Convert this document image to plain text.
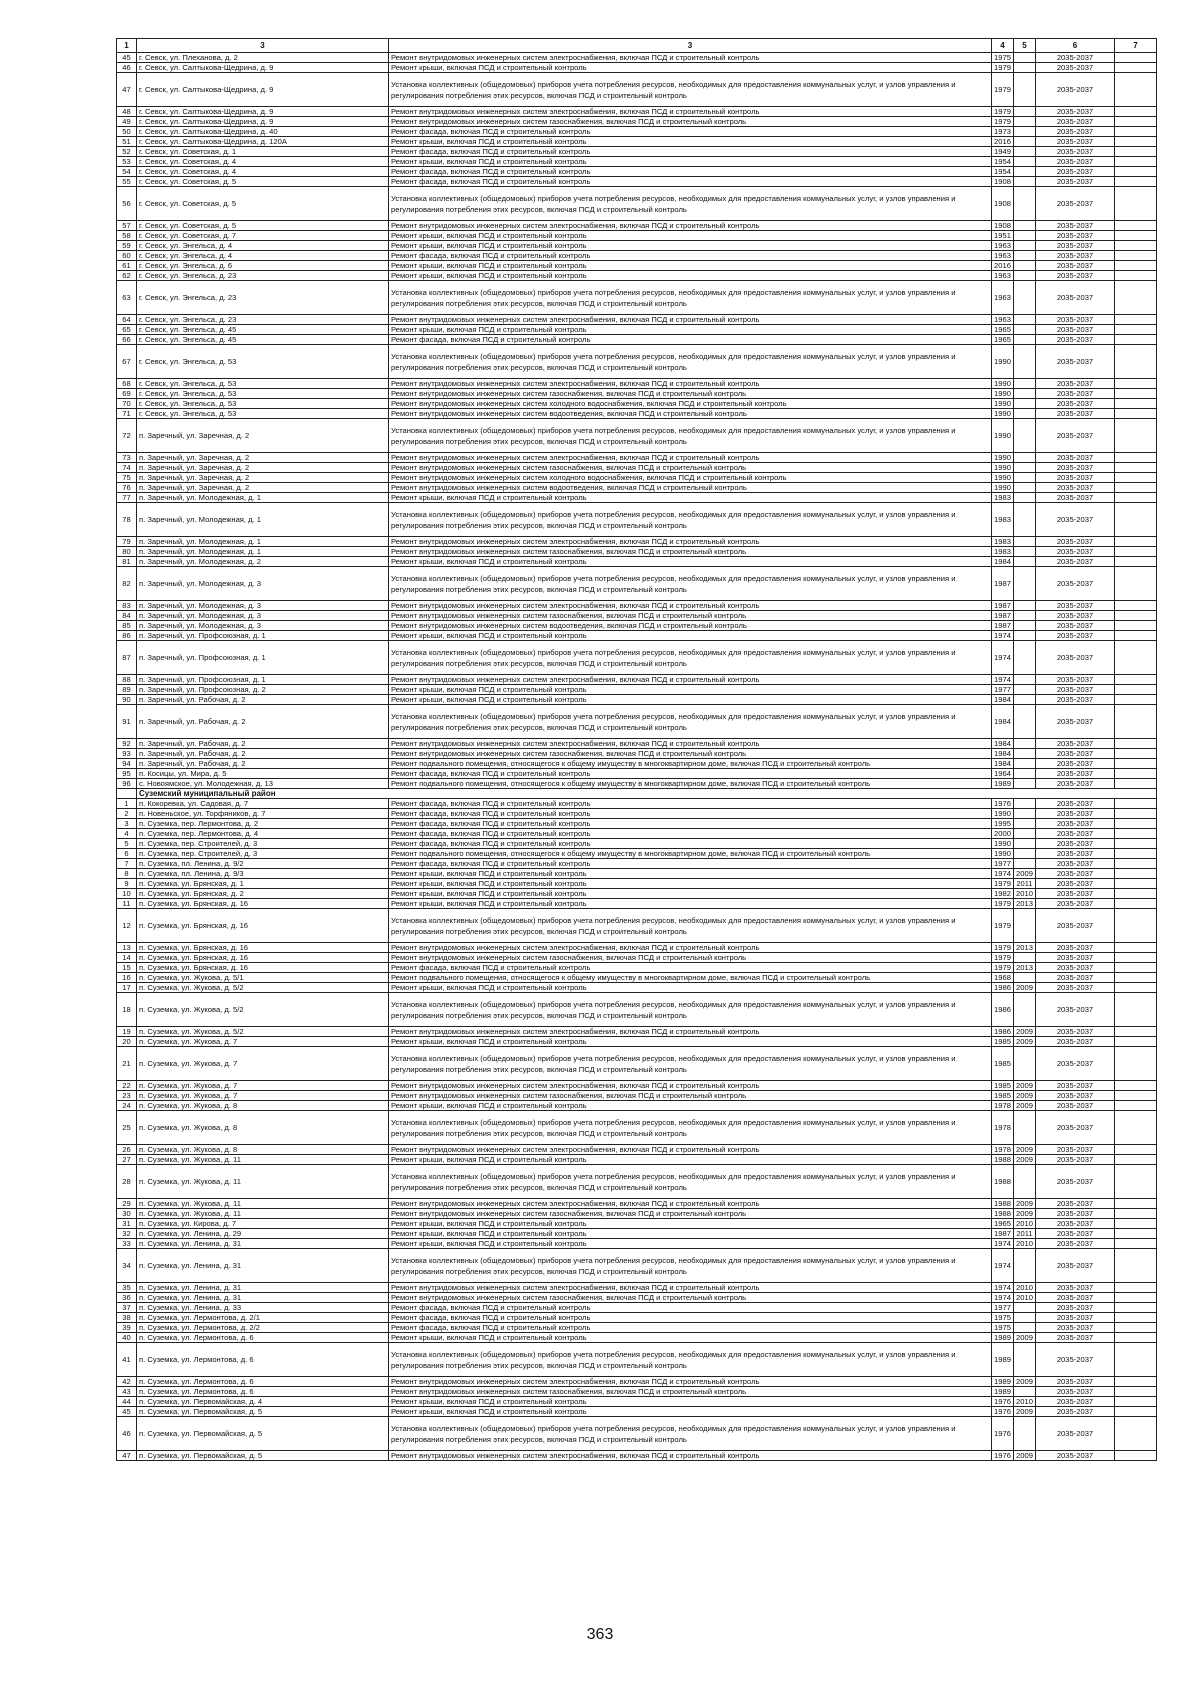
1	3	3	4	5	6	7
45	г. Севск, ул. Плеханова, д. 2	Ремонт внутридомовых инженерных систем электроснабжения, включая ПСД и строительный контроль	1975		2035-2037	
46	г. Севск, ул. Салтыкова-Щедрина, д. 9	Ремонт крыши, включая ПСД и строительный контроль	1979		2035-2037	
47	г. Севск, ул. Салтыкова-Щедрина, д. 9	Установка коллективных (общедомовых) приборов учета потребления ресурсов, необходимых для предоставления коммунальных услуг, и узлов управления и регулирования потребления этих ресурсов, включая ПСД и строительный контроль	1979		2035-2037	
48	г. Севск, ул. Салтыкова-Щедрина, д. 9	Ремонт внутридомовых инженерных систем электроснабжения, включая ПСД и строительный контроль	1979		2035-2037	
49	г. Севск, ул. Салтыкова-Щедрина, д. 9	Ремонт внутридомовых инженерных систем газоснабжения, включая ПСД и строительный контроль	1979		2035-2037	
50	г. Севск, ул. Салтыкова-Щедрина, д. 40	Ремонт фасада, включая ПСД и строительный контроль	1973		2035-2037	
51	г. Севск, ул. Салтыкова-Щедрина, д. 120А	Ремонт крыши, включая ПСД и строительный контроль	2016		2035-2037	
52	г. Севск, ул. Советская, д. 1	Ремонт фасада, включая ПСД и строительный контроль	1949		2035-2037	
53	г. Севск, ул. Советская, д. 4	Ремонт крыши, включая ПСД и строительный контроль	1954		2035-2037	
54	г. Севск, ул. Советская, д. 4	Ремонт фасада, включая ПСД и строительный контроль	1954		2035-2037	
55	г. Севск, ул. Советская, д. 5	Ремонт фасада, включая ПСД и строительный контроль	1908		2035-2037	
56	г. Севск, ул. Советская, д. 5	Установка коллективных (общедомовых) приборов учета потребления ресурсов, необходимых для предоставления коммунальных услуг, и узлов управления и регулирования потребления этих ресурсов, включая ПСД и строительный контроль	1908		2035-2037	
57	г. Севск, ул. Советская, д. 5	Ремонт внутридомовых инженерных систем электроснабжения, включая ПСД и строительный контроль	1908		2035-2037	
58	г. Севск, ул. Советская, д. 7	Ремонт крыши, включая ПСД и строительный контроль	1951		2035-2037	
59	г. Севск, ул. Энгельса, д. 4	Ремонт крыши, включая ПСД и строительный контроль	1963		2035-2037	
60	г. Севск, ул. Энгельса, д. 4	Ремонт фасада, включая ПСД и строительный контроль	1963		2035-2037	
61	г. Севск, ул. Энгельса, д. 6	Ремонт крыши, включая ПСД и строительный контроль	2016		2035-2037	
62	г. Севск, ул. Энгельса, д. 23	Ремонт крыши, включая ПСД и строительный контроль	1963		2035-2037	
63	г. Севск, ул. Энгельса, д. 23	Установка коллективных (общедомовых) приборов учета потребления ресурсов, необходимых для предоставления коммунальных услуг, и узлов управления и регулирования потребления этих ресурсов, включая ПСД и строительный контроль	1963		2035-2037	
64	г. Севск, ул. Энгельса, д. 23	Ремонт внутридомовых инженерных систем электроснабжения, включая ПСД и строительный контроль	1963		2035-2037	
65	г. Севск, ул. Энгельса, д. 45	Ремонт крыши, включая ПСД и строительный контроль	1965		2035-2037	
66	г. Севск, ул. Энгельса, д. 45	Ремонт фасада, включая ПСД и строительный контроль	1965		2035-2037	
67	г. Севск, ул. Энгельса, д. 53	Установка коллективных (общедомовых) приборов учета потребления ресурсов, необходимых для предоставления коммунальных услуг, и узлов управления и регулирования потребления этих ресурсов, включая ПСД и строительный контроль	1990		2035-2037	
68	г. Севск, ул. Энгельса, д. 53	Ремонт внутридомовых инженерных систем электроснабжения, включая ПСД и строительный контроль	1990		2035-2037	
69	г. Севск, ул. Энгельса, д. 53	Ремонт внутридомовых инженерных систем газоснабжения, включая ПСД и строительный контроль	1990		2035-2037	
70	г. Севск, ул. Энгельса, д. 53	Ремонт внутридомовых инженерных систем холодного водоснабжения, включая ПСД и строительный контроль	1990		2035-2037	
71	г. Севск, ул. Энгельса, д. 53	Ремонт внутридомовых инженерных систем водоотведения, включая ПСД и строительный контроль	1990		2035-2037	
72	п. Заречный, ул. Заречная, д. 2	Установка коллективных (общедомовых) приборов учета потребления ресурсов, необходимых для предоставления коммунальных услуг, и узлов управления и регулирования потребления этих ресурсов, включая ПСД и строительный контроль	1990		2035-2037	
73	п. Заречный, ул. Заречная, д. 2	Ремонт внутридомовых инженерных систем электроснабжения, включая ПСД и строительный контроль	1990		2035-2037	
74	п. Заречный, ул. Заречная, д. 2	Ремонт внутридомовых инженерных систем газоснабжения, включая ПСД и строительный контроль	1990		2035-2037	
75	п. Заречный, ул. Заречная, д. 2	Ремонт внутридомовых инженерных систем холодного водоснабжения, включая ПСД и строительный контроль	1990		2035-2037	
76	п. Заречный, ул. Заречная, д. 2	Ремонт внутридомовых инженерных систем водоотведения, включая ПСД и строительный контроль	1990		2035-2037	
77	п. Заречный, ул. Молодежная, д. 1	Ремонт крыши, включая ПСД и строительный контроль	1983		2035-2037	
78	п. Заречный, ул. Молодежная, д. 1	Установка коллективных (общедомовых) приборов учета потребления ресурсов, необходимых для предоставления коммунальных услуг, и узлов управления и регулирования потребления этих ресурсов, включая ПСД и строительный контроль	1983		2035-2037	
79	п. Заречный, ул. Молодежная, д. 1	Ремонт внутридомовых инженерных систем электроснабжения, включая ПСД и строительный контроль	1983		2035-2037	
80	п. Заречный, ул. Молодежная, д. 1	Ремонт внутридомовых инженерных систем газоснабжения, включая ПСД и строительный контроль	1983		2035-2037	
81	п. Заречный, ул. Молодежная, д. 2	Ремонт крыши, включая ПСД и строительный контроль	1984		2035-2037	
82	п. Заречный, ул. Молодежная, д. 3	Установка коллективных (общедомовых) приборов учета потребления ресурсов, необходимых для предоставления коммунальных услуг, и узлов управления и регулирования потребления этих ресурсов, включая ПСД и строительный контроль	1987		2035-2037	
83	п. Заречный, ул. Молодежная, д. 3	Ремонт внутридомовых инженерных систем электроснабжения, включая ПСД и строительный контроль	1987		2035-2037	
84	п. Заречный, ул. Молодежная, д. 3	Ремонт внутридомовых инженерных систем газоснабжения, включая ПСД и строительный контроль	1987		2035-2037	
85	п. Заречный, ул. Молодежная, д. 3	Ремонт внутридомовых инженерных систем водоотведения, включая ПСД и строительный контроль	1987		2035-2037	
86	п. Заречный, ул. Профсоюзная, д. 1	Ремонт крыши, включая ПСД и строительный контроль	1974		2035-2037	
87	п. Заречный, ул. Профсоюзная, д. 1	Установка коллективных (общедомовых) приборов учета потребления ресурсов, необходимых для предоставления коммунальных услуг, и узлов управления и регулирования потребления этих ресурсов, включая ПСД и строительный контроль	1974		2035-2037	
88	п. Заречный, ул. Профсоюзная, д. 1	Ремонт внутридомовых инженерных систем электроснабжения, включая ПСД и строительный контроль	1974		2035-2037	
89	п. Заречный, ул. Профсоюзная, д. 2	Ремонт крыши, включая ПСД и строительный контроль	1977		2035-2037	
90	п. Заречный, ул. Рабочая, д. 2	Ремонт крыши, включая ПСД и строительный контроль	1984		2035-2037	
91	п. Заречный, ул. Рабочая, д. 2	Установка коллективных (общедомовых) приборов учета потребления ресурсов, необходимых для предоставления коммунальных услуг, и узлов управления и регулирования потребления этих ресурсов, включая ПСД и строительный контроль	1984		2035-2037	
92	п. Заречный, ул. Рабочая, д. 2	Ремонт внутридомовых инженерных систем электроснабжения, включая ПСД и строительный контроль	1984		2035-2037	
93	п. Заречный, ул. Рабочая, д. 2	Ремонт внутридомовых инженерных систем газоснабжения, включая ПСД и строительный контроль	1984		2035-2037	
94	п. Заречный, ул. Рабочая, д. 2	Ремонт подвального помещения, относящегося к общему имуществу в многоквартирном доме, включая ПСД и строительный контроль	1984		2035-2037	
95	п. Косицы, ул. Мира, д. 5	Ремонт фасада, включая ПСД и строительный контроль	1964		2035-2037	
96	с. Новоямское, ул. Молодежная, д. 13	Ремонт подвального помещения, относящегося к общему имуществу в многоквартирном доме, включая ПСД и строительный контроль	1989		2035-2037	
	Суземский муниципальный район					
1	п. Кокоревка, ул. Садовая, д. 7	Ремонт фасада, включая ПСД и строительный контроль	1976		2035-2037	
2	п. Новеньское, ул. Торфяников, д. 7	Ремонт фасада, включая ПСД и строительный контроль	1990		2035-2037	
3	п. Суземка, пер. Лермонтова, д. 2	Ремонт фасада, включая ПСД и строительный контроль	1995		2035-2037	
4	п. Суземка, пер. Лермонтова, д. 4	Ремонт фасада, включая ПСД и строительный контроль	2000		2035-2037	
5	п. Суземка, пер. Строителей, д. 3	Ремонт фасада, включая ПСД и строительный контроль	1990		2035-2037	
6	п. Суземка, пер. Строителей, д. 3	Ремонт подвального помещения, относящегося к общему имуществу в многоквартирном доме, включая ПСД и строительный контроль	1990		2035-2037	
7	п. Суземка, пл. Ленина, д. 9/2	Ремонт фасада, включая ПСД и строительный контроль	1977		2035-2037	
8	п. Суземка, пл. Ленина, д. 9/3	Ремонт крыши, включая ПСД и строительный контроль	1974	2009	2035-2037	
9	п. Суземка, ул. Брянская, д. 1	Ремонт крыши, включая ПСД и строительный контроль	1979	2011	2035-2037	
10	п. Суземка, ул. Брянская, д. 2	Ремонт крыши, включая ПСД и строительный контроль	1982	2010	2035-2037	
11	п. Суземка, ул. Брянская, д. 16	Ремонт крыши, включая ПСД и строительный контроль	1979	2013	2035-2037	
12	п. Суземка, ул. Брянская, д. 16	Установка коллективных (общедомовых) приборов учета потребления ресурсов, необходимых для предоставления коммунальных услуг, и узлов управления и регулирования потребления этих ресурсов, включая ПСД и строительный контроль	1979		2035-2037	
13	п. Суземка, ул. Брянская, д. 16	Ремонт внутридомовых инженерных систем электроснабжения, включая ПСД и строительный контроль	1979	2013	2035-2037	
14	п. Суземка, ул. Брянская, д. 16	Ремонт внутридомовых инженерных систем газоснабжения, включая ПСД и строительный контроль	1979		2035-2037	
15	п. Суземка, ул. Брянская, д. 16	Ремонт фасада, включая ПСД и строительный контроль	1979	2013	2035-2037	
16	п. Суземка, ул. Жукова, д. 5/1	Ремонт подвального помещения, относящегося к общему имуществу в многоквартирном доме, включая ПСД и строительный контроль	1968		2035-2037	
17	п. Суземка, ул. Жукова, д. 5/2	Ремонт крыши, включая ПСД и строительный контроль	1986	2009	2035-2037	
18	п. Суземка, ул. Жукова, д. 5/2	Установка коллективных (общедомовых) приборов учета потребления ресурсов, необходимых для предоставления коммунальных услуг, и узлов управления и регулирования потребления этих ресурсов, включая ПСД и строительный контроль	1986		2035-2037	
19	п. Суземка, ул. Жукова, д. 5/2	Ремонт внутридомовых инженерных систем электроснабжения, включая ПСД и строительный контроль	1986	2009	2035-2037	
20	п. Суземка, ул. Жукова, д. 7	Ремонт крыши, включая ПСД и строительный контроль	1985	2009	2035-2037	
21	п. Суземка, ул. Жукова, д. 7	Установка коллективных (общедомовых) приборов учета потребления ресурсов, необходимых для предоставления коммунальных услуг, и узлов управления и регулирования потребления этих ресурсов, включая ПСД и строительный контроль	1985		2035-2037	
22	п. Суземка, ул. Жукова, д. 7	Ремонт внутридомовых инженерных систем электроснабжения, включая ПСД и строительный контроль	1985	2009	2035-2037	
23	п. Суземка, ул. Жукова, д. 7	Ремонт внутридомовых инженерных систем газоснабжения, включая ПСД и строительный контроль	1985	2009	2035-2037	
24	п. Суземка, ул. Жукова, д. 8	Ремонт крыши, включая ПСД и строительный контроль	1978	2009	2035-2037	
25	п. Суземка, ул. Жукова, д. 8	Установка коллективных (общедомовых) приборов учета потребления ресурсов, необходимых для предоставления коммунальных услуг, и узлов управления и регулирования потребления этих ресурсов, включая ПСД и строительный контроль	1978		2035-2037	
26	п. Суземка, ул. Жукова, д. 8	Ремонт внутридомовых инженерных систем электроснабжения, включая ПСД и строительный контроль	1978	2009	2035-2037	
27	п. Суземка, ул. Жукова, д. 11	Ремонт крыши, включая ПСД и строительный контроль	1988	2009	2035-2037	
28	п. Суземка, ул. Жукова, д. 11	Установка коллективных (общедомовых) приборов учета потребления ресурсов, необходимых для предоставления коммунальных услуг, и узлов управления и регулирования потребления этих ресурсов, включая ПСД и строительный контроль	1988		2035-2037	
29	п. Суземка, ул. Жукова, д. 11	Ремонт внутридомовых инженерных систем электроснабжения, включая ПСД и строительный контроль	1988	2009	2035-2037	
30	п. Суземка, ул. Жукова, д. 11	Ремонт внутридомовых инженерных систем газоснабжения, включая ПСД и строительный контроль	1988	2009	2035-2037	
31	п. Суземка, ул. Кирова, д. 7	Ремонт крыши, включая ПСД и строительный контроль	1965	2010	2035-2037	
32	п. Суземка, ул. Ленина, д. 29	Ремонт крыши, включая ПСД и строительный контроль	1987	2011	2035-2037	
33	п. Суземка, ул. Ленина, д. 31	Ремонт крыши, включая ПСД и строительный контроль	1974	2010	2035-2037	
34	п. Суземка, ул. Ленина, д. 31	Установка коллективных (общедомовых) приборов учета потребления ресурсов, необходимых для предоставления коммунальных услуг, и узлов управления и регулирования потребления этих ресурсов, включая ПСД и строительный контроль	1974		2035-2037	
35	п. Суземка, ул. Ленина, д. 31	Ремонт внутридомовых инженерных систем электроснабжения, включая ПСД и строительный контроль	1974	2010	2035-2037	
36	п. Суземка, ул. Ленина, д. 31	Ремонт внутридомовых инженерных систем газоснабжения, включая ПСД и строительный контроль	1974	2010	2035-2037	
37	п. Суземка, ул. Ленина, д. 33	Ремонт фасада, включая ПСД и строительный контроль	1977		2035-2037	
38	п. Суземка, ул. Лермонтова, д. 2/1	Ремонт фасада, включая ПСД и строительный контроль	1975		2035-2037	
39	п. Суземка, ул. Лермонтова, д. 2/2	Ремонт фасада, включая ПСД и строительный контроль	1975		2035-2037	
40	п. Суземка, ул. Лермонтова, д. 6	Ремонт крыши, включая ПСД и строительный контроль	1989	2009	2035-2037	
41	п. Суземка, ул. Лермонтова, д. 6	Установка коллективных (общедомовых) приборов учета потребления ресурсов, необходимых для предоставления коммунальных услуг, и узлов управления и регулирования потребления этих ресурсов, включая ПСД и строительный контроль	1989		2035-2037	
42	п. Суземка, ул. Лермонтова, д. 6	Ремонт внутридомовых инженерных систем электроснабжения, включая ПСД и строительный контроль	1989	2009	2035-2037	
43	п. Суземка, ул. Лермонтова, д. 6	Ремонт внутридомовых инженерных систем газоснабжения, включая ПСД и строительный контроль	1989		2035-2037	
44	п. Суземка, ул. Первомайская, д. 4	Ремонт крыши, включая ПСД и строительный контроль	1976	2010	2035-2037	
45	п. Суземка, ул. Первомайская, д. 5	Ремонт крыши, включая ПСД и строительный контроль	1976	2009	2035-2037	
46	п. Суземка, ул. Первомайская, д. 5	Установка коллективных (общедомовых) приборов учета потребления ресурсов, необходимых для предоставления коммунальных услуг, и узлов управления и регулирования потребления этих ресурсов, включая ПСД и строительный контроль	1976		2035-2037	
47	п. Суземка, ул. Первомайская, д. 5	Ремонт внутридомовых инженерных систем электроснабжения, включая ПСД и строительный контроль	1976	2009	2035-2037	
363
